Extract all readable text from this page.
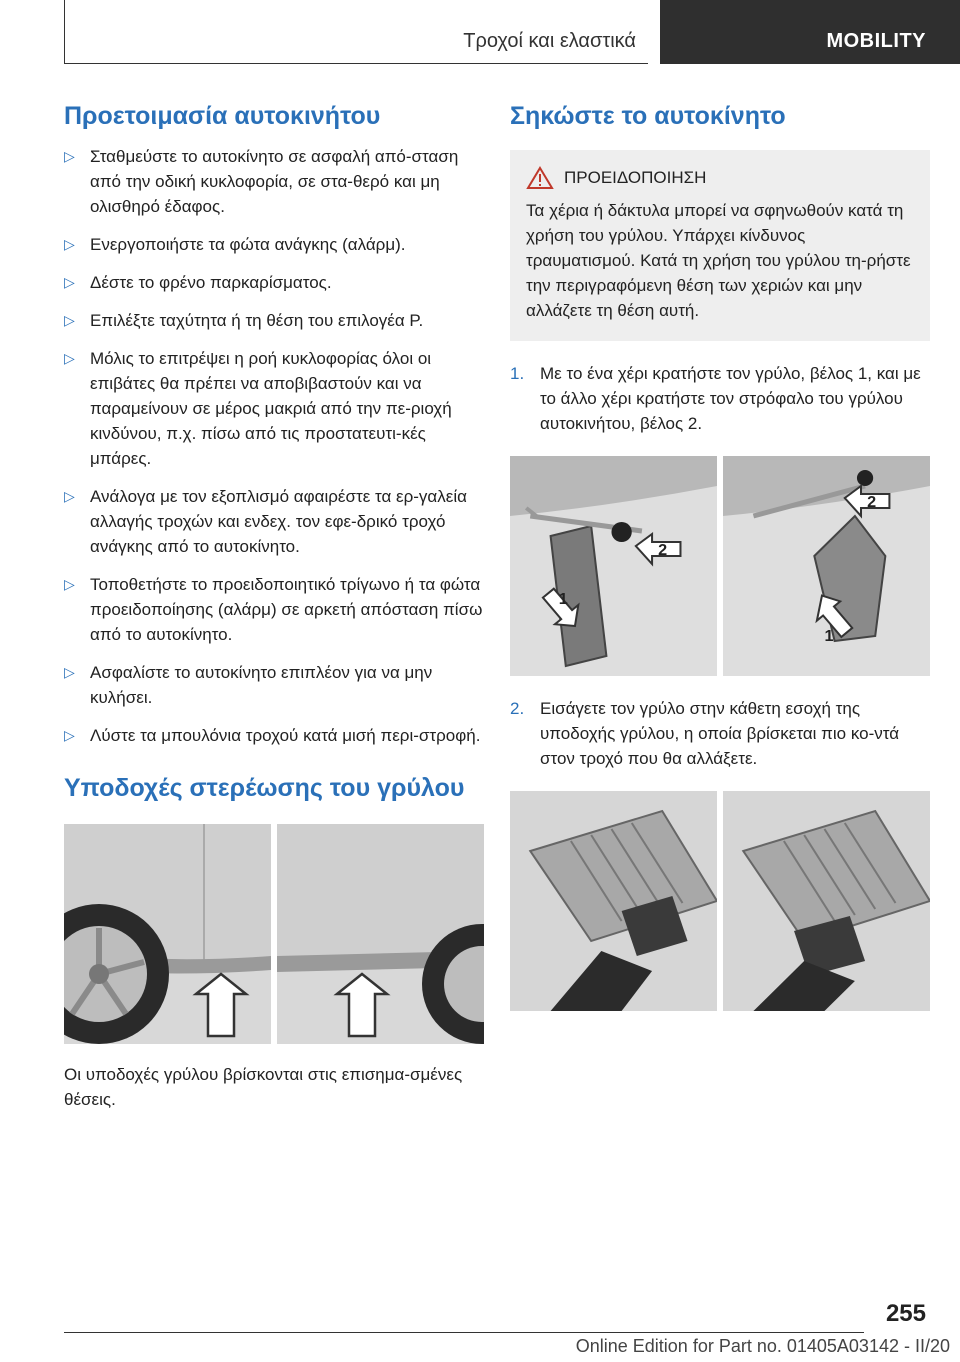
Τροχοί και ελαστικά	MOBILITY
Προετοιμασία αυτοκινήτου
▷ Σταθμεύστε το αυτοκίνητο σε ασφαλή από-σταση από την οδική κυκλοφορία, σε στα-θερό και μη ολισθηρό έδαφος.
▷ Ενεργοποιήστε τα φώτα ανάγκης (αλάρμ).
▷ Δέστε το φρένο παρκαρίσματος.
▷ Επιλέξτε ταχύτητα ή τη θέση του επιλογέα P.
▷ Μόλις το επιτρέψει η ροή κυκλοφορίας όλοι οι επιβάτες θα πρέπει να αποβιβαστούν και να παραμείνουν σε μέρος μακριά από την πε-ριοχή κινδύνου, π.χ. πίσω από τις προστατευτι-κές μπάρες.
▷ Ανάλογα με τον εξοπλισμό αφαιρέστε τα ερ-γαλεία αλλαγής τροχών και ενδεχ. τον εφε-δρικό τροχό ανάγκης από το αυτοκίνητο.
▷ Τοποθετήστε το προειδοποιητικό τρίγωνο ή τα φώτα προειδοποίησης (αλάρμ) σε αρκετή απόσταση πίσω από το αυτοκίνητο.
▷ Ασφαλίστε το αυτοκίνητο επιπλέον για να μην κυλήσει.
▷ Λύστε τα μπουλόνια τροχού κατά μισή περι-στροφή.
Υποδοχές στερέωσης του γρύλου
Οι υποδοχές γρύλου βρίσκονται στις επισημα-σμένες θέσεις.
Σηκώστε το αυτοκίνητο
ΠΡΟΕΙΔΟΠΟΙΗΣΗ
Τα χέρια ή δάκτυλα μπορεί να σφηνωθούν κατά τη χρήση του γρύλου. Υπάρχει κίνδυνος τραυματισμού. Κατά τη χρήση του γρύλου τη-ρήστε την περιγραφόμενη θέση των χεριών και μην αλλάζετε τη θέση αυτή.
1. Με το ένα χέρι κρατήστε τον γρύλο, βέλος 1, και με το άλλο χέρι κρατήστε τον στρόφαλο του γρύλου αυτοκινήτου, βέλος 2.
2
1
2
1
2. Εισάγετε τον γρύλο στην κάθετη εσοχή της υποδοχής γρύλου, η οποία βρίσκεται πιο κο-ντά στον τροχό που θα αλλάξετε.
255
Online Edition for Part no. 01405A03142 - II/20
